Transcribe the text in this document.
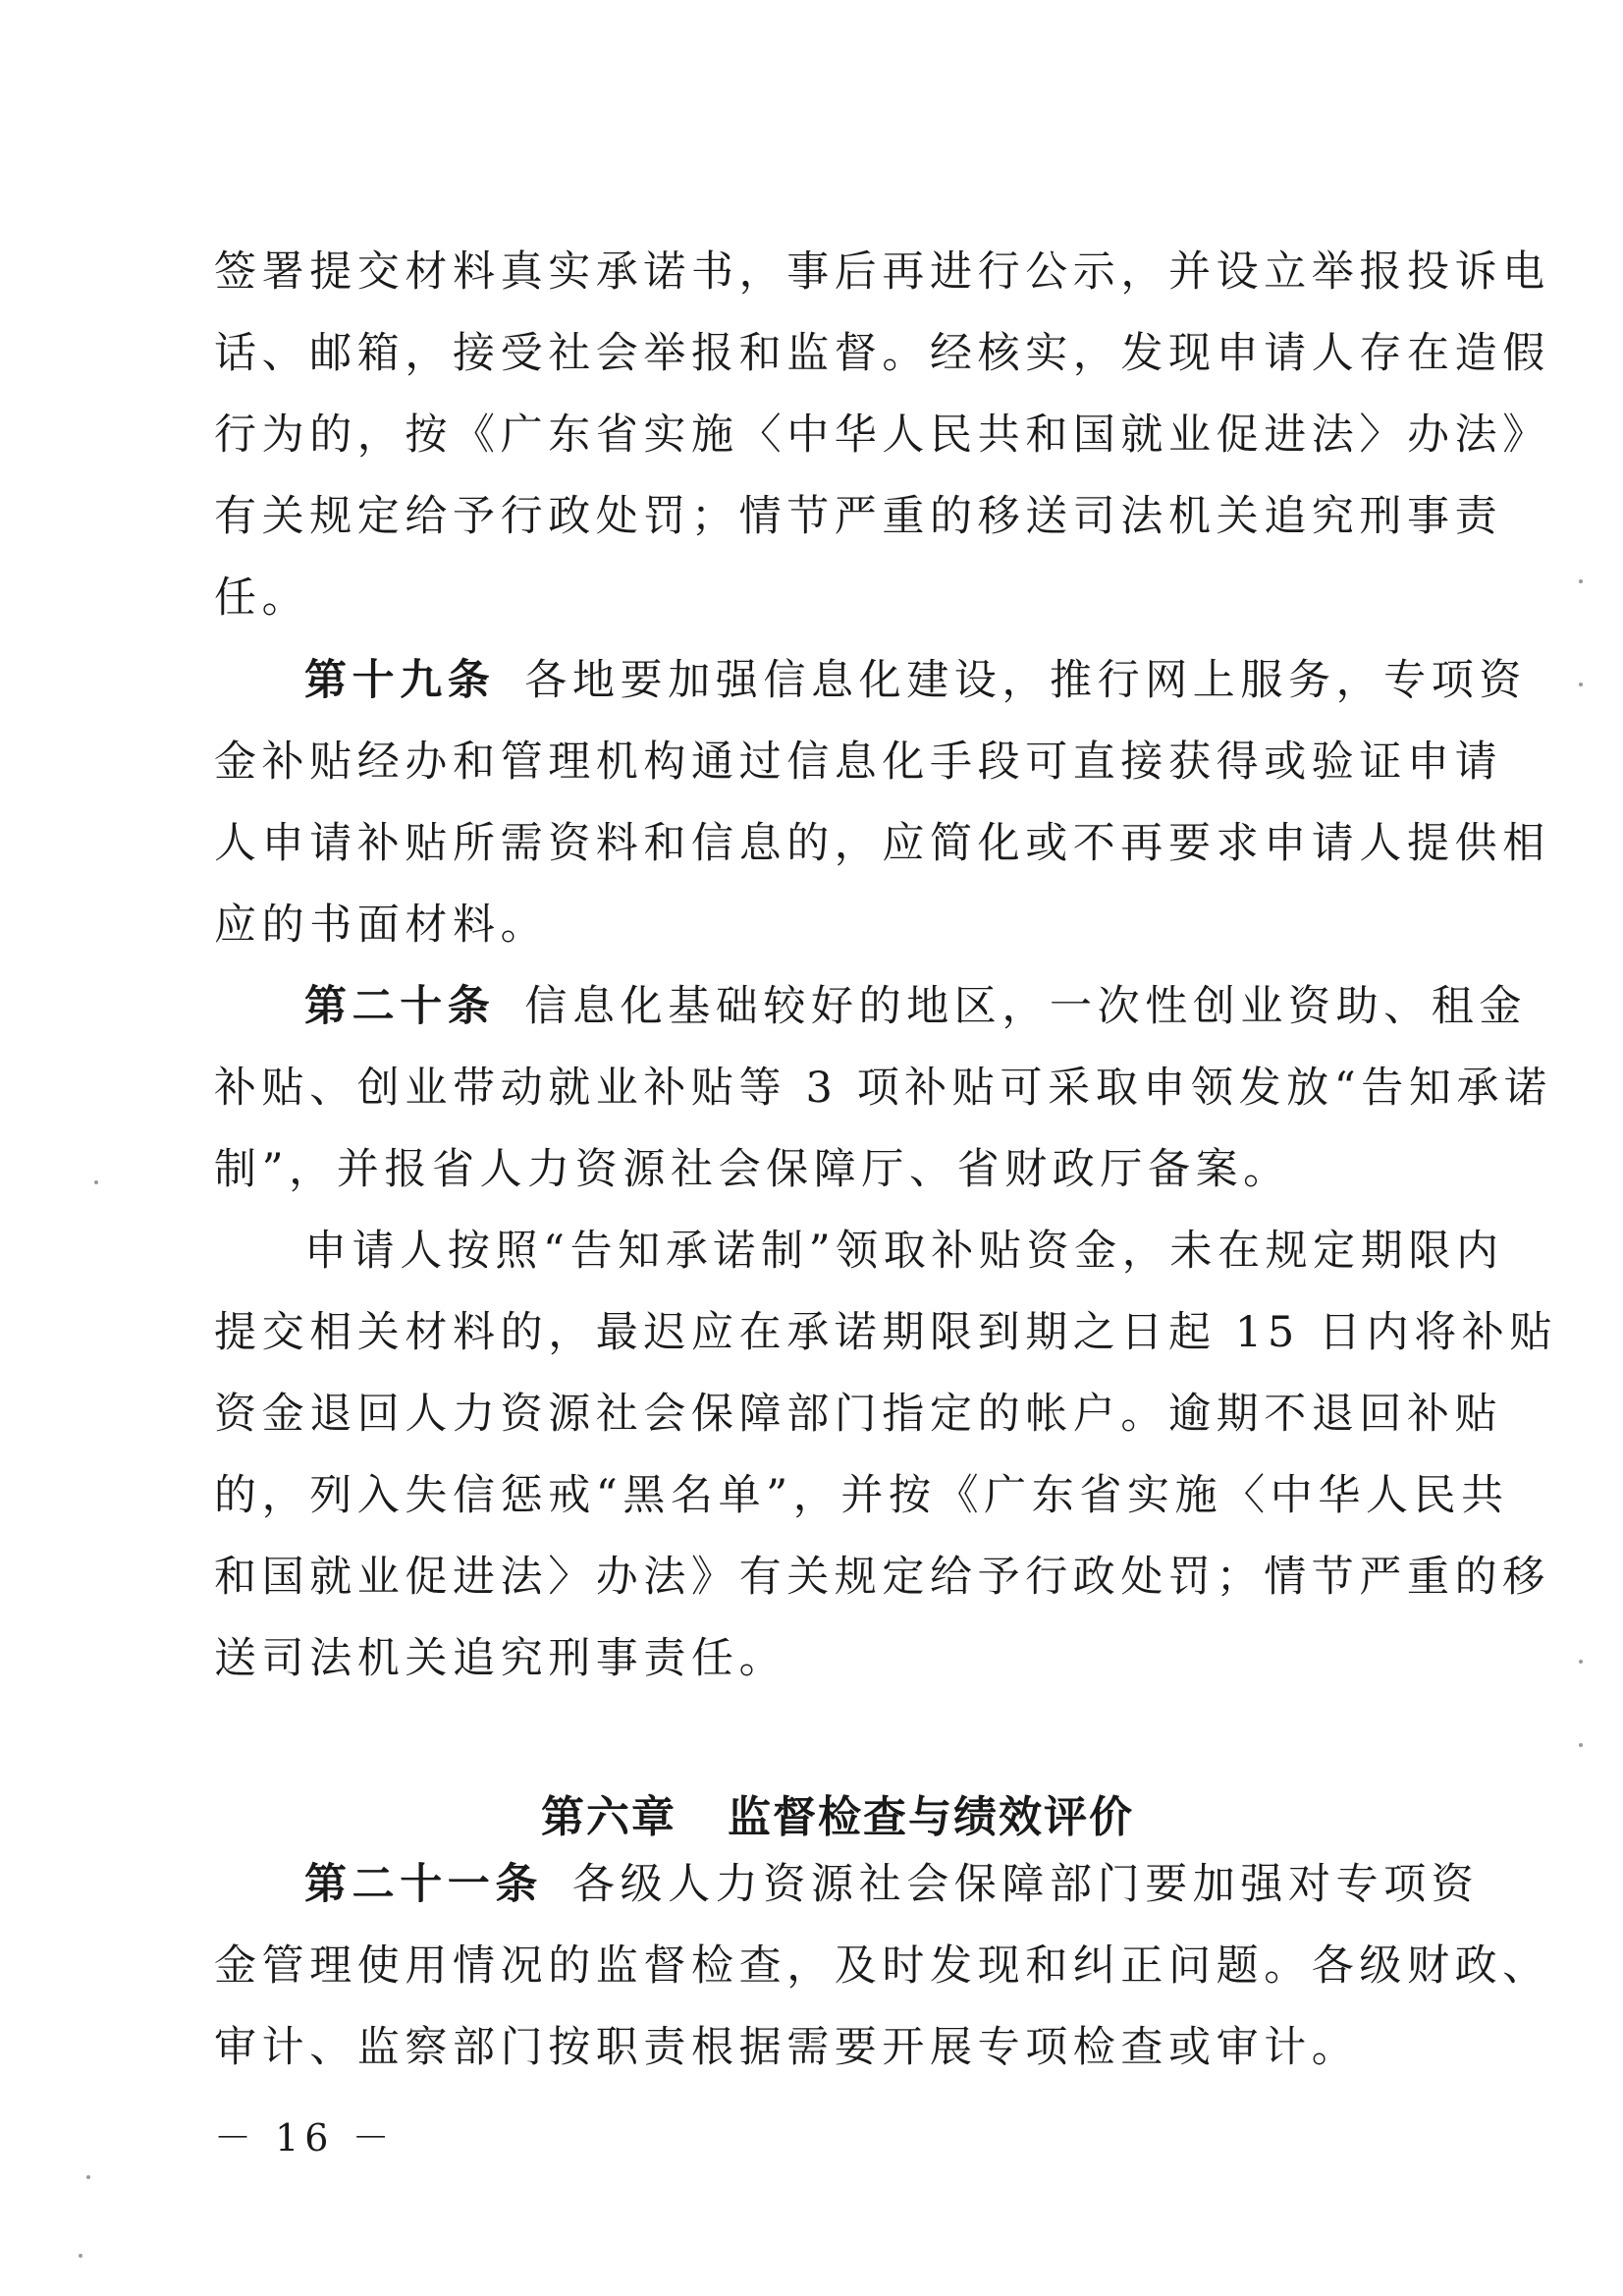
签署提交材料真实承诺书，事后再进行公示，并设立举报投诉电
话、邮箱，接受社会举报和监督。经核实，发现申请人存在造假
行为的，按《广东省实施〈中华人民共和国就业促进法〉办法》
有关规定给予行政处罚；情节严重的移送司法机关追究刑事责
任。
第十九条 各地要加强信息化建设，推行网上服务，专项资
金补贴经办和管理机构通过信息化手段可直接获得或验证申请
人申请补贴所需资料和信息的，应简化或不再要求申请人提供相
应的书面材料。
第二十条 信息化基础较好的地区，一次性创业资助、租金
补贴、创业带动就业补贴等 3 项补贴可采取申领发放“告知承诺
制”，并报省人力资源社会保障厅、省财政厅备案。
申请人按照“告知承诺制”领取补贴资金，未在规定期限内
提交相关材料的，最迟应在承诺期限到期之日起 15 日内将补贴
资金退回人力资源社会保障部门指定的帐户。逾期不退回补贴
的，列入失信惩戒“黑名单”，并按《广东省实施〈中华人民共
和国就业促进法〉办法》有关规定给予行政处罚；情节严重的移
送司法机关追究刑事责任。
第六章 监督检查与绩效评价
第二十一条 各级人力资源社会保障部门要加强对专项资
金管理使用情况的监督检查，及时发现和纠正问题。各级财政、
审计、监察部门按职责根据需要开展专项检查或审计。
－ 16 －
